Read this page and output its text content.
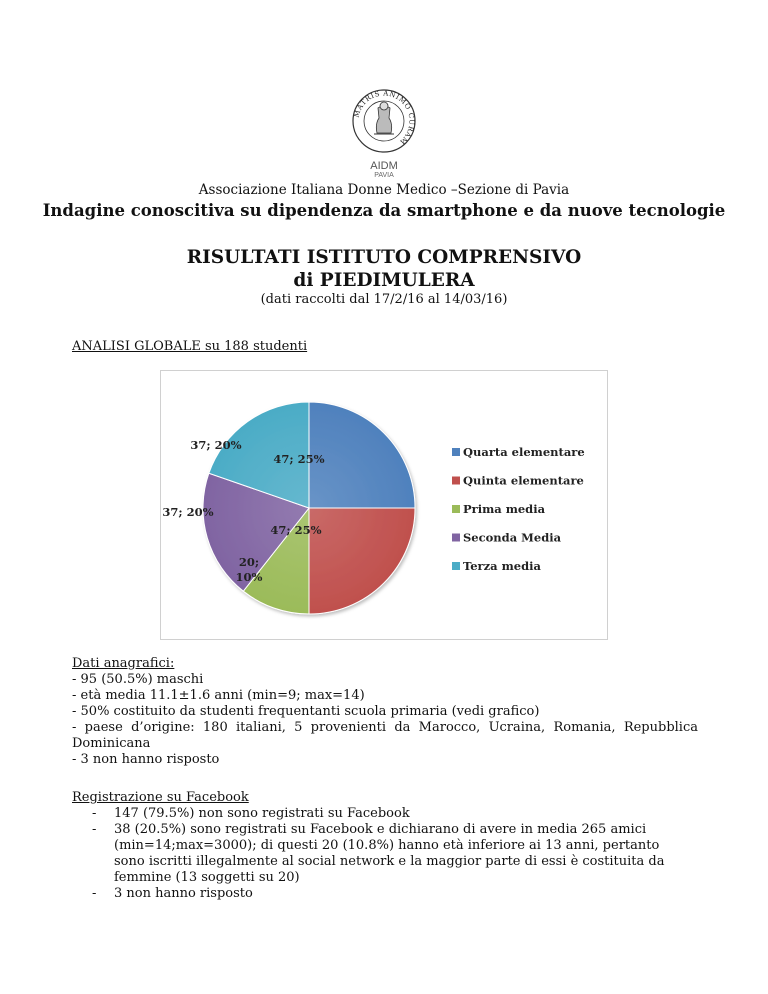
MATRIS ANIMO CURAM
AIDM
PAVIA
Associazione Italiana Donne Medico –Sezione di Pavia
Indagine conoscitiva su dipendenza da smartphone e da nuove tecnologie
RISULTATI ISTITUTO COMPRENSIVO
di PIEDIMULERA
(dati raccolti dal 17/2/16 al 14/03/16)
ANALISI GLOBALE su 188 studenti
47; 25%
47; 25%
20; 10%
37; 20%
37; 20%	Quarta elementare
Quinta elementare
Prima media
Seconda Media
Terza media
Dati anagrafici:
- 95 (50.5%) maschi
- età media 11.1±1.6 anni (min=9; max=14)
- 50% costituito da studenti frequentanti scuola primaria (vedi grafico)
- paese d’origine: 180 italiani, 5 provenienti da Marocco, Ucraina, Romania, Repubblica
Dominicana
- 3 non hanno risposto
Registrazione su Facebook
- 147 (79.5%) non sono registrati su Facebook
- 38 (20.5%) sono registrati su Facebook e dichiarano di avere in media 265 amici
(min=14;max=3000); di questi 20 (10.8%) hanno età inferiore ai 13 anni, pertanto
sono iscritti illegalmente al social network e la maggior parte di essi è costituita da
femmine (13 soggetti su 20)
- 3 non hanno risposto
